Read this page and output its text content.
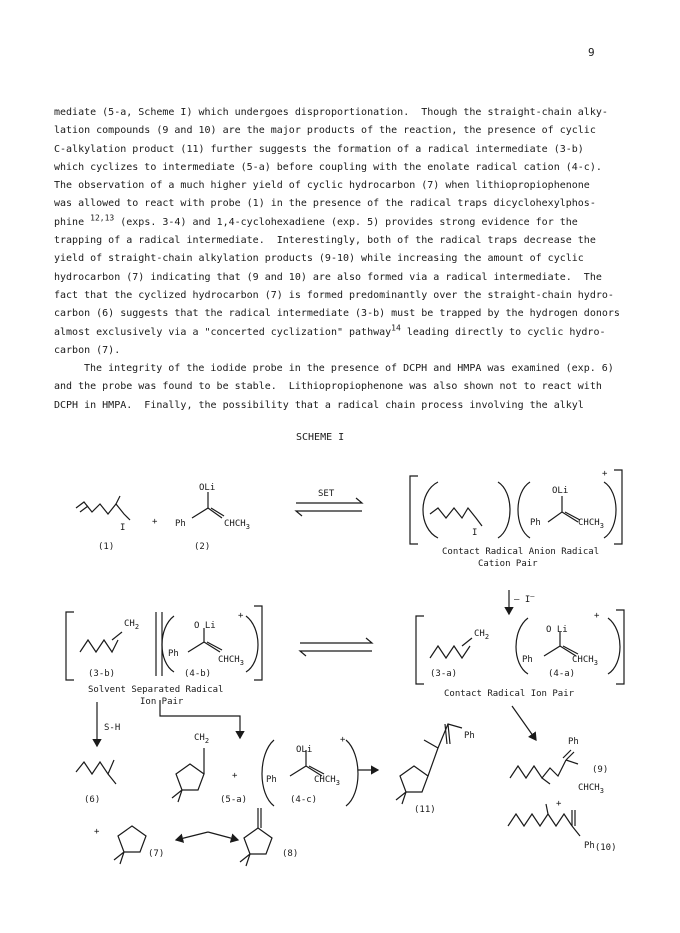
9
mediate (5-a, Scheme I) which undergoes disproportionation.  Though the straight-chain alky-
lation compounds (9 and 10) are the major products of the reaction, the presence of cyclic
C-alkylation product (11) further suggests the formation of a radical intermediate (3-b)
which cyclizes to intermediate (5-a) before coupling with the enolate radical cation (4-c).
The observation of a much higher yield of cyclic hydrocarbon (7) when lithiopropiophenone
was allowed to react with probe (1) in the presence of the radical traps dicyclohexylphos-
phine $^{12,13}$ (exps. 3-4) and 1,4-cyclohexadiene (exp. 5) provides strong evidence for the
trapping of a radical intermediate.  Interestingly, both of the radical traps decrease the
yield of straight-chain alkylation products (9-10) while increasing the amount of cyclic
hydrocarbon (7) indicating that (9 and 10) are also formed via a radical intermediate.  The
fact that the cyclized hydrocarbon (7) is formed predominantly over the straight-chain hydro-
carbon (6) suggests that the radical intermediate (3-b) must be trapped by the hydrogen donors
almost exclusively via a "concerted cyclization" pathway$^{14}$ leading directly to cyclic hydro-
carbon (7).
The integrity of the iodide probe in the presence of DCPH and HMPA was examined (exp. 6)
and the probe was found to be stable.  Lithiopropiophenone was also shown not to react with
DCPH in HMPA.  Finally, the possibility that a radical chain process involving the alkyl
SCHEME I
(1)	(2)
I
+
OLi
Ph	$CHCH_3$
SET
I
OLi
Ph	$CHCH_3$
+
Contact Radical Anion Radical
Cation Pair
– I–
$CH_2$	O Li
Ph
$CHCH_3$
+
(3-b)	(4-b)
Solvent Separated Radical
Ion Pair
$CH_2$
O Li
Ph	$CHCH_3$
+
(3-a)	(4-a)
Contact Radical Ion Pair
S-H
$CH_2$
+
OLi
Ph	$CHCH_3$
+
(6)	(5-a)	(4-c)
Ph
(11)
Ph
(9)
$CHCH_3$
+
Ph(10)
+
(7)	(8)
